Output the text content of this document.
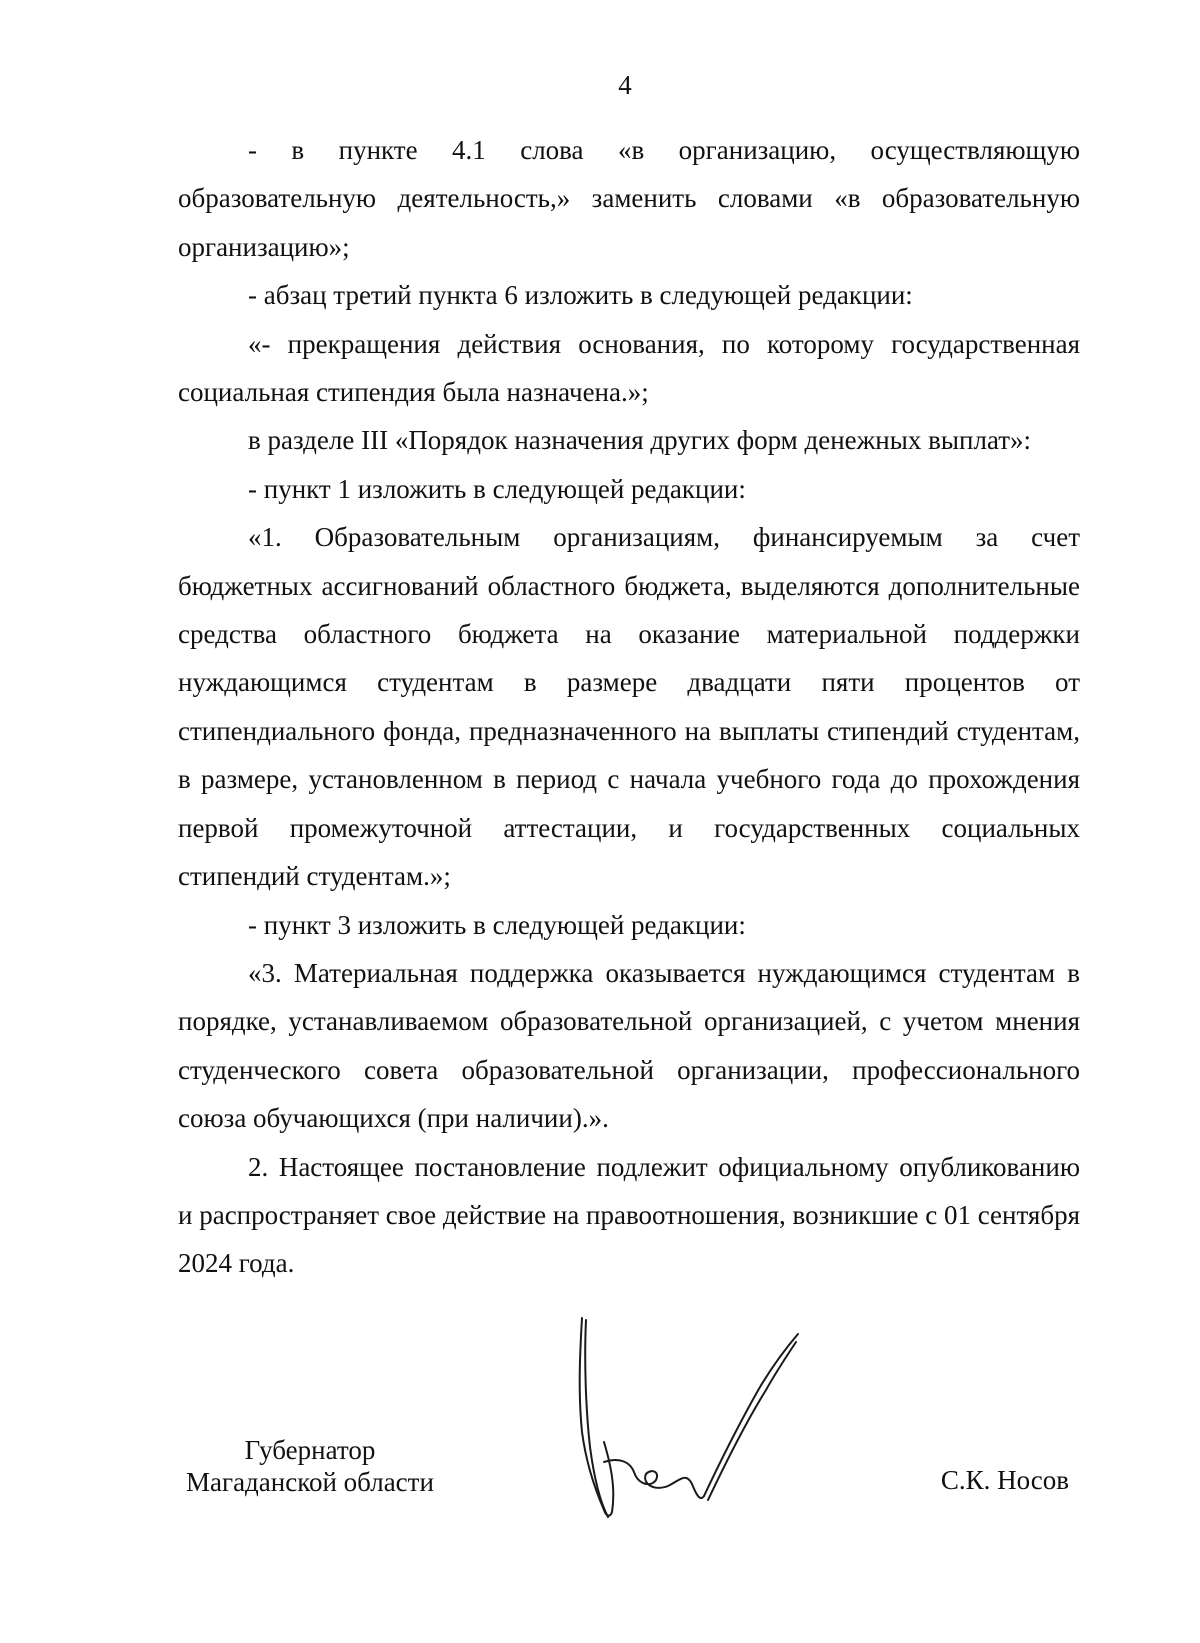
4

- в пункте 4.1 слова «в организацию, осуществляющую образовательную деятельность,» заменить словами «в образовательную организацию»;

- абзац третий пункта 6 изложить в следующей редакции:

«- прекращения действия основания, по которому государственная социальная стипендия была назначена.»;

в разделе III «Порядок назначения других форм денежных выплат»:

- пункт 1 изложить в следующей редакции:

«1. Образовательным организациям, финансируемым за счет бюджетных ассигнований областного бюджета, выделяются дополнительные средства областного бюджета на оказание материальной поддержки нуждающимся студентам в размере двадцати пяти процентов от стипендиального фонда, предназначенного на выплаты стипендий студентам, в размере, установленном в период с начала учебного года до прохождения первой промежуточной аттестации, и государственных социальных стипендий студентам.»;

- пункт 3 изложить в следующей редакции:

«3. Материальная поддержка оказывается нуждающимся студентам в порядке, устанавливаемом образовательной организацией, с учетом мнения студенческого совета образовательной организации, профессионального союза обучающихся (при наличии).».

2. Настоящее постановление подлежит официальному опубликованию и распространяет свое действие на правоотношения, возникшие с 01 сентября 2024 года.

Губернатор
Магаданской области	С.К. Носов
